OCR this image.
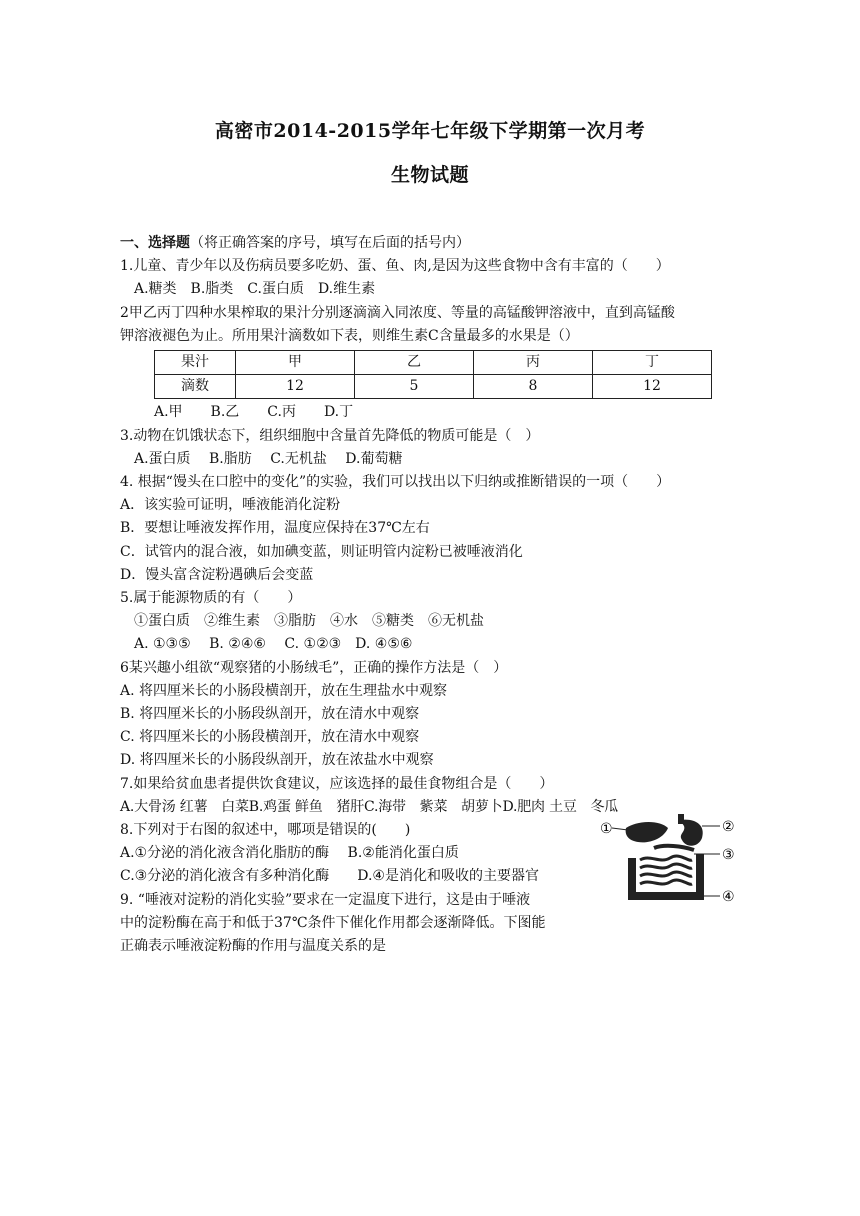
高密市2014-2015学年七年级下学期第一次月考
生物试题
一、选择题（将正确答案的序号，填写在后面的括号内）
1.儿童、青少年以及伤病员要多吃奶、蛋、鱼、肉,是因为这些食物中含有丰富的（　　）
A.糖类　B.脂类　C.蛋白质　D.维生素
2甲乙丙丁四种水果榨取的果汁分别逐滴滴入同浓度、等量的高锰酸钾溶液中，直到高锰酸
钾溶液褪色为止。所用果汁滴数如下表，则维生素C含量最多的水果是（）
果汁	甲	乙	丙	丁
滴数	12	5	8	12
A.甲　　B.乙　　C.丙　　D.丁
3.动物在饥饿状态下，组织细胞中含量首先降低的物质可能是（　）
A.蛋白质　 B.脂肪　 C.无机盐　 D.葡萄糖
4. 根据“馒头在口腔中的变化”的实验，我们可以找出以下归纳或推断错误的一项（　　）
A．该实验可证明，唾液能消化淀粉
B．要想让唾液发挥作用，温度应保持在37℃左右
C．试管内的混合液，如加碘变蓝，则证明管内淀粉已被唾液消化
D．馒头富含淀粉遇碘后会变蓝
5.属于能源物质的有（　　）
①蛋白质　②维生素　③脂肪　④水　⑤糖类　⑥无机盐
A. ①③⑤　 B. ②④⑥　 C. ①②③　D. ④⑤⑥
6某兴趣小组欲“观察猪的小肠绒毛”，正确的操作方法是（　）
A. 将四厘米长的小肠段横剖开，放在生理盐水中观察
B. 将四厘米长的小肠段纵剖开，放在清水中观察
C. 将四厘米长的小肠段横剖开，放在清水中观察
D. 将四厘米长的小肠段纵剖开，放在浓盐水中观察
7.如果给贫血患者提供饮食建议，应该选择的最佳食物组合是（　　）
A.大骨汤 红薯　白菜B.鸡蛋 鲜鱼　猪肝C.海带　紫菜　胡萝卜D.肥肉 土豆　冬瓜
8.下列对于右图的叙述中，哪项是错误的(　　)
A.①分泌的消化液含消化脂肪的酶　 B.②能消化蛋白质
C.③分泌的消化液含有多种消化酶　　D.④是消化和吸收的主要器官
9. “唾液对淀粉的消化实验”要求在一定温度下进行，这是由于唾液
中的淀粉酶在高于和低于37℃条件下催化作用都会逐渐降低。下图能
正确表示唾液淀粉酶的作用与温度关系的是
①	②
③
④
